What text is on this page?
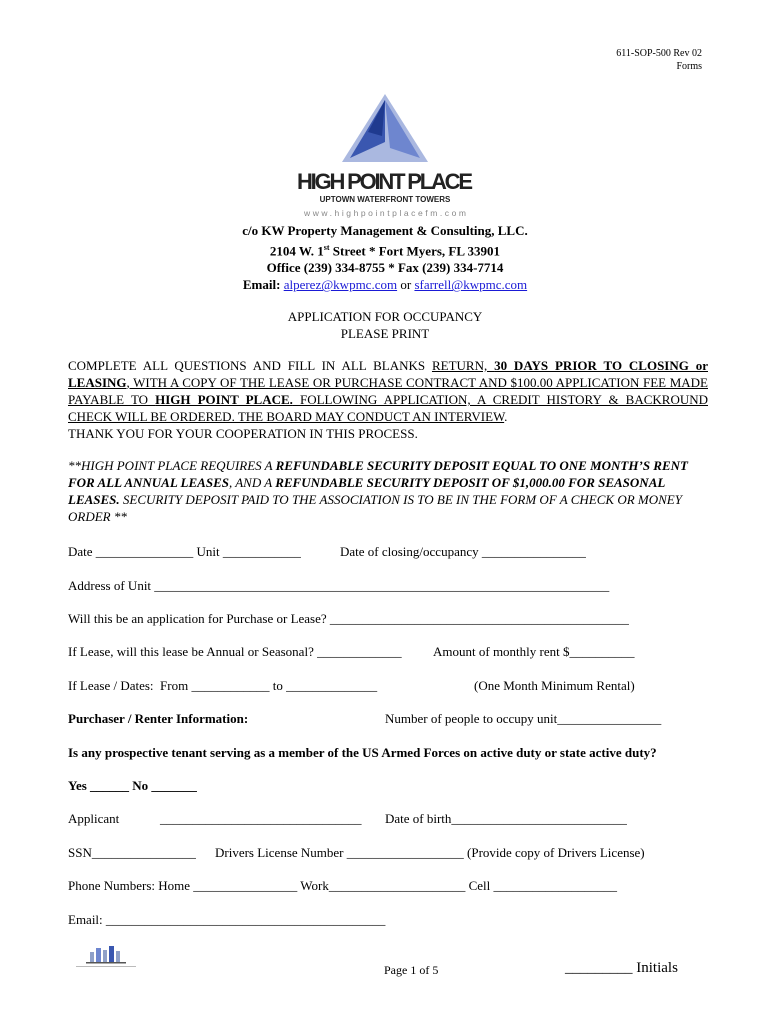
611-SOP-500 Rev 02
Forms
HIGH POINT PLACE
UPTOWN WATERFRONT TOWERS
www.highpointplacefm.com
c/o KW Property Management & Consulting, LLC.
2104 W. 1st Street * Fort Myers, FL 33901
Office (239) 334-8755 * Fax (239) 334-7714
Email: alperez@kwpmc.com or sfarrell@kwpmc.com
APPLICATION FOR OCCUPANCY
PLEASE PRINT
COMPLETE ALL QUESTIONS AND FILL IN ALL BLANKS RETURN, 30 DAYS PRIOR TO CLOSING or LEASING, WITH A COPY OF THE LEASE OR PURCHASE CONTRACT AND $100.00 APPLICATION FEE MADE PAYABLE TO HIGH POINT PLACE. FOLLOWING APPLICATION, A CREDIT HISTORY & BACKROUND CHECK WILL BE ORDERED. THE BOARD MAY CONDUCT AN INTERVIEW.
THANK YOU FOR YOUR COOPERATION IN THIS PROCESS.
**HIGH POINT PLACE REQUIRES A REFUNDABLE SECURITY DEPOSIT EQUAL TO ONE MONTH’S RENT FOR ALL ANNUAL LEASES, AND A REFUNDABLE SECURITY DEPOSIT OF $1,000.00 FOR SEASONAL LEASES. SECURITY DEPOSIT PAID TO THE ASSOCIATION IS TO BE IN THE FORM OF A CHECK OR MONEY ORDER **
Date _______________ Unit ____________	Date of closing/occupancy ________________
Address of Unit ______________________________________________________________________
Will this be an application for Purchase or Lease? ______________________________________________
If Lease, will this lease be Annual or Seasonal? _____________ Amount of monthly rent $__________
If Lease / Dates:  From ____________ to ______________	(One Month Minimum Rental)
Purchaser / Renter Information:	Number of people to occupy unit________________
Is any prospective tenant serving as a member of the US Armed Forces on active duty or state active duty?
Yes ______ No _______
Applicant	_______________________________ Date of birth___________________________
SSN________________ Drivers License Number __________________ (Provide copy of Drivers License)
Phone Numbers: Home ________________ Work_____________________ Cell ___________________
Email: ___________________________________________
Page 1 of 5	_________ Initials
